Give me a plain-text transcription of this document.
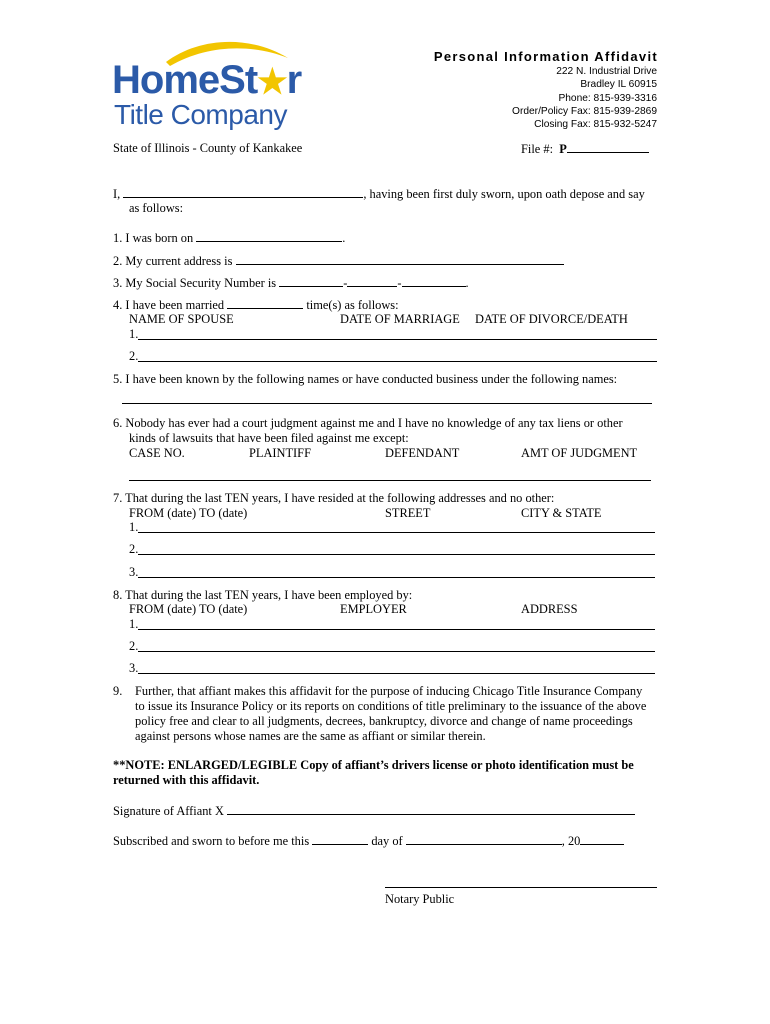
HomeSt★r
Title Company
Personal Information Affidavit
222 N. Industrial Drive
Bradley IL 60915
Phone: 815-939-3316
Order/Policy Fax: 815-939-2869
Closing Fax: 815-932-5247
State of Illinois - County of Kankakee	File #: P
I,	, having been first duly sworn, upon oath depose and say
as follows:
1. I was born on	.
2. My current address is
3. My Social Security Number is	-	-	.
4. I have been married	time(s) as follows:
NAME OF SPOUSE	DATE OF MARRIAGE DATE OF DIVORCE/DEATH
1.
2.
5. I have been known by the following names or have conducted business under the following names:
6. Nobody has ever had a court judgment against me and I have no knowledge of any tax liens or other
kinds of lawsuits that have been filed against me except:
CASE NO.	PLAINTIFF	DEFENDANT	AMT OF JUDGMENT
7. That during the last TEN years, I have resided at the following addresses and no other:
FROM (date) TO (date)	STREET	CITY & STATE
1.
2.
3.
8. That during the last TEN years, I have been employed by:
FROM (date) TO (date)	EMPLOYER	ADDRESS
1.
2.
3.
9. Further, that affiant makes this affidavit for the purpose of inducing Chicago Title Insurance Company
to issue its Insurance Policy or its reports on conditions of title preliminary to the issuance of the above
policy free and clear to all judgments, decrees, bankruptcy, divorce and change of name proceedings
against persons whose names are the same as affiant or similar therein.
**NOTE: ENLARGED/LEGIBLE Copy of affiant’s drivers license or photo identification must be
returned with this affidavit.
Signature of Affiant X
Subscribed and sworn to before me this	day of	, 20
Notary Public
